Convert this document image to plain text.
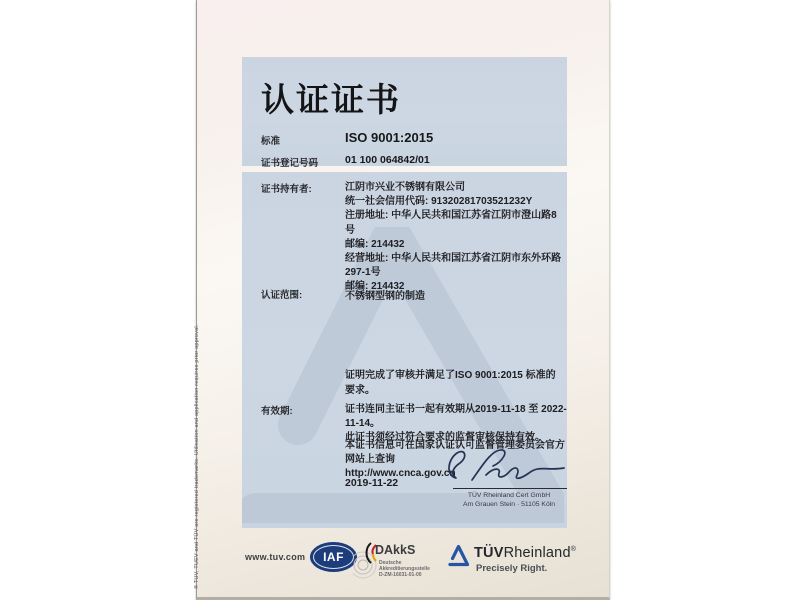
® TUV, TUEV and TÜV are registered trademarks. Utilisation and application requires prior approval.
认证证书
标准	ISO 9001:2015
证书登记号码	01 100 064842/01
证书持有者:	江阴市兴业不锈钢有限公司
统一社会信用代码: 91320281703521232Y
注册地址: 中华人民共和国江苏省江阴市澄山路8号
邮编: 214432
经营地址: 中华人民共和国江苏省江阴市东外环路297-1号
邮编: 214432
认证范围:	不锈钢型钢的制造
证明完成了审核并满足了ISO 9001:2015 标准的要求。
有效期:	证书连同主证书一起有效期从2019-11-18 至 2022-11-14。
此证书须经过符合要求的监督审核保持有效。
本证书信息可在国家认证认可监督管理委员会官方网站上查询
http://www.cnca.gov.cn
2019-11-22
TÜV Rheinland Cert GmbH
Am Grauen Stein · 51105 Köln
www.tuv.com IAF DAkkS
Deutsche
Akkreditierungsstelle
D-ZM-16031-01-00
TÜVRheinland®
Precisely Right.
